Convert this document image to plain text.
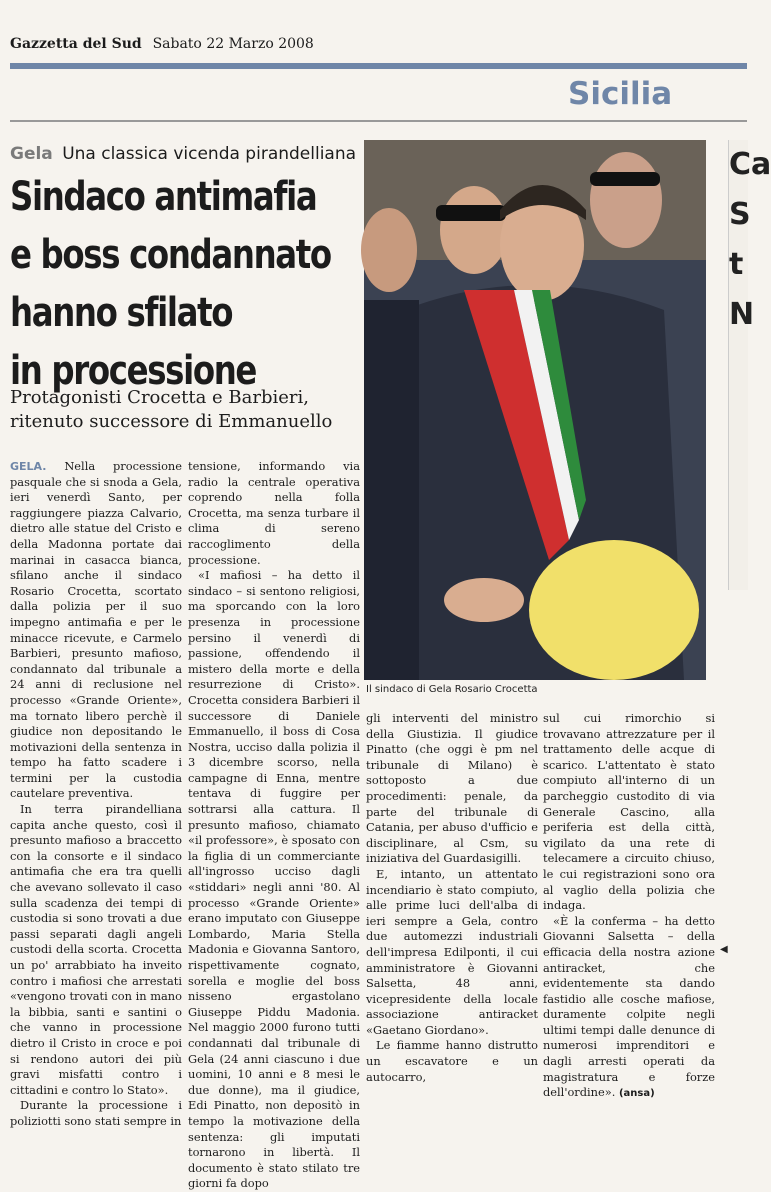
Gazzetta del Sud Sabato 22 Marzo 2008
Sicilia
Gela Una classica vicenda pirandelliana
Sindaco antimafia
e boss condannato
hanno sfilato
in processione
Protagonisti Crocetta e Barbieri, ritenuto successore di Emmanuello

GELA. Nella processione pasquale che si snoda a Gela, ieri venerdì Santo, per raggiungere piazza Calvario, dietro alle statue del Cristo e della Madonna portate dai marinai in casacca bianca, sfilano anche il sindaco Rosario Crocetta, scortato dalla polizia per il suo impegno antimafia e per le minacce ricevute, e Carmelo Barbieri, presunto mafioso, condannato dal tribunale a 24 anni di reclusione nel processo «Grande Oriente», ma tornato libero perchè il giudice non depositando le motivazioni della sentenza in tempo ha fatto scadere i termini per la custodia cautelare preventiva.

In terra pirandelliana capita anche questo, così il presunto mafioso a braccetto con la consorte e il sindaco antimafia che era tra quelli che avevano sollevato il caso sulla scadenza dei tempi di custodia si sono trovati a due passi separati dagli angeli custodi della scorta. Crocetta un po' arrabbiato ha inveito contro i mafiosi che arrestati «vengono trovati con in mano la bibbia, santi e santini o che vanno in processione dietro il Cristo in croce e poi si rendono autori dei più gravi misfatti contro i cittadini e contro lo Stato».

Durante la processione i poliziotti sono stati sempre in

tensione, informando via radio la centrale operativa coprendo nella folla Crocetta, ma senza turbare il clima di sereno raccoglimento della processione.

«I mafiosi – ha detto il sindaco – si sentono religiosi, ma sporcando con la loro presenza in processione persino il venerdì di passione, offendendo il mistero della morte e della resurrezione di Cristo». Crocetta considera Barbieri il successore di Daniele Emmanuello, il boss di Cosa Nostra, ucciso dalla polizia il 3 dicembre scorso, nella campagne di Enna, mentre tentava di fuggire per sottrarsi alla cattura. Il presunto mafioso, chiamato «il professore», è sposato con la figlia di un commerciante all'ingrosso ucciso dagli «stiddari» negli anni '80. Al processo «Grande Oriente» erano imputato con Giuseppe Lombardo, Maria Stella Madonia e Giovanna Santoro, rispettivamente cognato, sorella e moglie del boss nisseno ergastolano Giuseppe Piddu Madonia. Nel maggio 2000 furono tutti condannati dal tribunale di Gela (24 anni ciascuno i due uomini, 10 anni e 8 mesi le due donne), ma il giudice, Edi Pinatto, non depositò in tempo la motivazione della sentenza: gli imputati tornarono in libertà. Il documento è stato stilato tre giorni fa dopo

Il sindaco di Gela Rosario Crocetta
Ca
S
t
N

gli interventi del ministro della Giustizia. Il giudice Pinatto (che oggi è pm nel tribunale di Milano) è sottoposto a due procedimenti: penale, da parte del tribunale di Catania, per abuso d'ufficio e disciplinare, al Csm, su iniziativa del Guardasigilli.

E, intanto, un attentato incendiario è stato compiuto, alle prime luci dell'alba di ieri sempre a Gela, contro due automezzi industriali dell'impresa Edilponti, il cui amministratore è Giovanni Salsetta, 48 anni, vicepresidente della locale associazione antiracket «Gaetano Giordano».

Le fiamme hanno distrutto un escavatore e un autocarro,

sul cui rimorchio si trovavano attrezzature per il trattamento delle acque di scarico. L'attentato è stato compiuto all'interno di un parcheggio custodito di via Generale Cascino, alla periferia est della città, vigilato da una rete di telecamere a circuito chiuso, le cui registrazioni sono ora al vaglio della polizia che indaga.

«È la conferma – ha detto Giovanni Salsetta – della efficacia della nostra azione antiracket, che evidentemente sta dando fastidio alle cosche mafiose, duramente colpite negli ultimi tempi dalle denunce di numerosi imprenditori e dagli arresti operati da magistratura e forze dell'ordine». (ansa)

◀
